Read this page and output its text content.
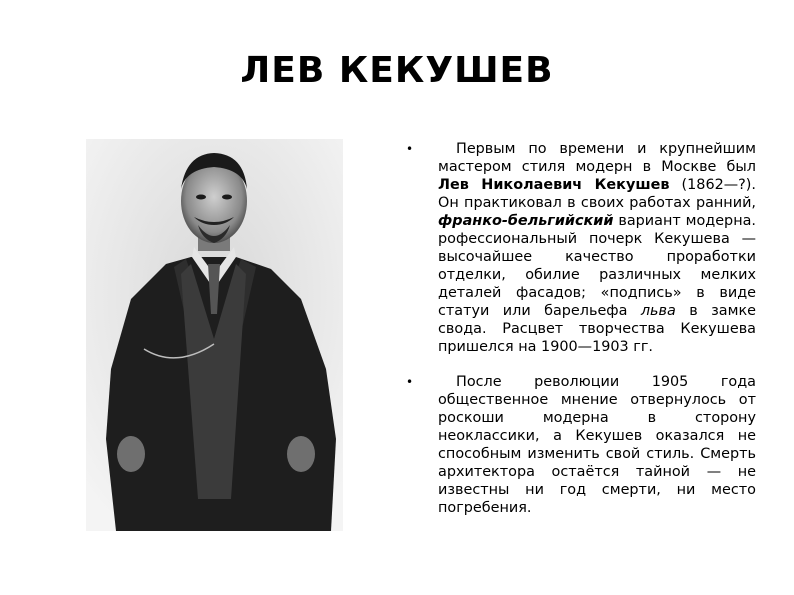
ЛЕВ КЕКУШЕВ
•	Первым по времени и крупнейшим мастером стиля модерн в Москве был Лев Николаевич Кекушев (1862—?). Он практиковал в своих работах ранний, франко-бельгийский вариант модерна. рофессиональный почерк Кекушева — высочайшее качество проработки отделки, обилие различных мелких деталей фасадов; «подпись» в виде статуи или барельефа льва в замке свода. Расцвет творчества Кекушева пришелся на 1900—1903 гг.
•	После революции 1905 года общественное мнение отвернулось от роскоши модерна в сторону неоклассики, а Кекушев оказался не способным изменить свой стиль. Смерть архитектора остаётся тайной — не известны ни год смерти, ни место погребения.
